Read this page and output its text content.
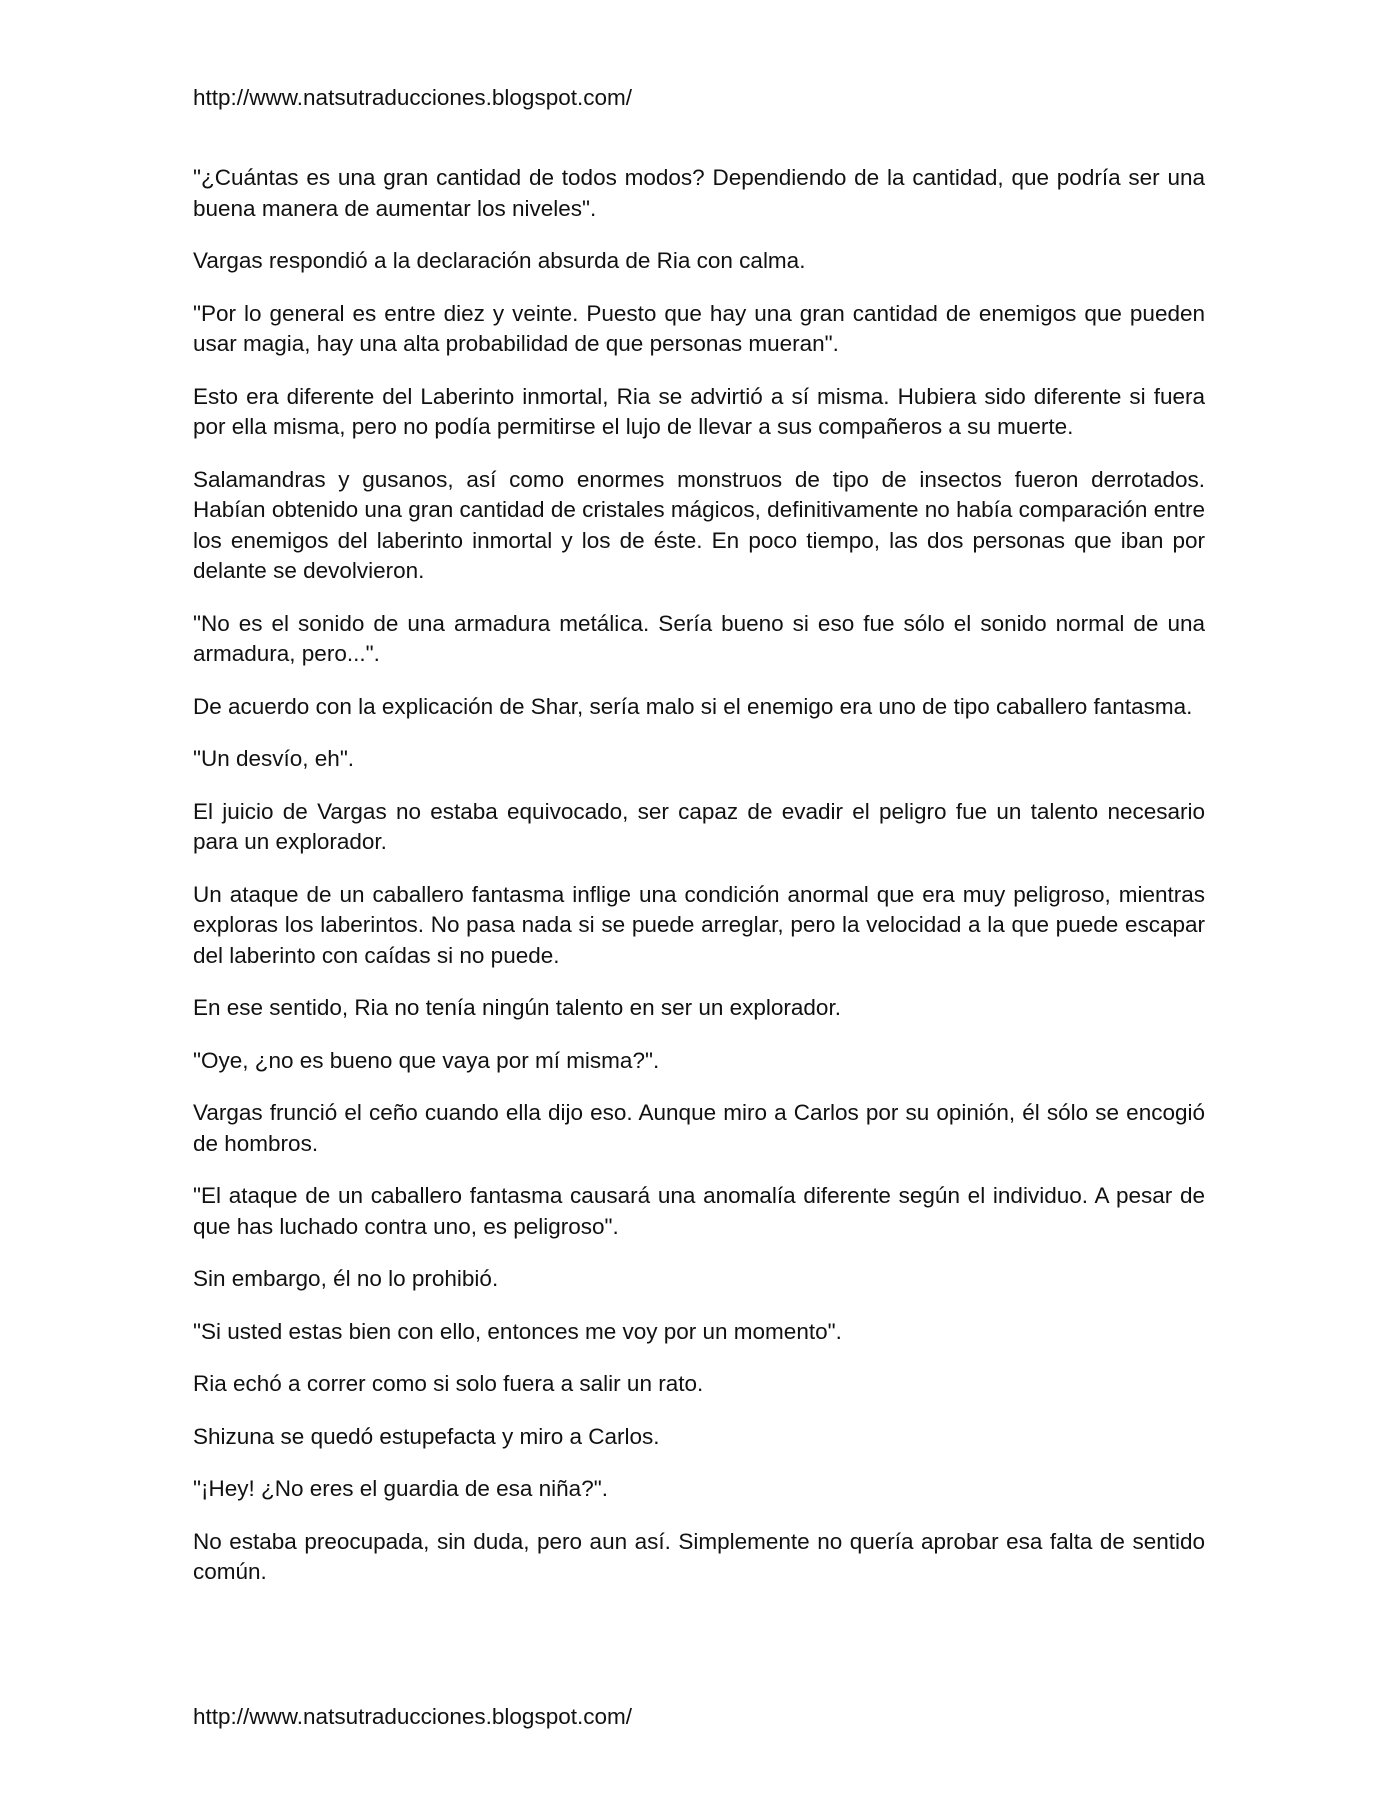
http://www.natsutraducciones.blogspot.com/

"¿Cuántas es una gran cantidad de todos modos? Dependiendo de la cantidad, que podría ser una buena manera de aumentar los niveles".

Vargas respondió a la declaración absurda de Ria con calma.

"Por lo general es entre diez y veinte. Puesto que hay una gran cantidad de enemigos que pueden usar magia, hay una alta probabilidad de que personas mueran".

Esto era diferente del Laberinto inmortal, Ria se advirtió a sí misma. Hubiera sido diferente si fuera por ella misma, pero no podía permitirse el lujo de llevar a sus compañeros a su muerte.

Salamandras y gusanos, así como enormes monstruos de tipo de insectos fueron derrotados. Habían obtenido una gran cantidad de cristales mágicos, definitivamente no había comparación entre los enemigos del laberinto inmortal y los de éste. En poco tiempo, las dos personas que iban por delante se devolvieron.

"No es el sonido de una armadura metálica. Sería bueno si eso fue sólo el sonido normal de una armadura, pero...".

De acuerdo con la explicación de Shar, sería malo si el enemigo era uno de tipo caballero fantasma.

"Un desvío, eh".

El juicio de Vargas no estaba equivocado, ser capaz de evadir el peligro fue un talento necesario para un explorador.

Un ataque de un caballero fantasma inflige una condición anormal que era muy peligroso, mientras exploras los laberintos. No pasa nada si se puede arreglar, pero la velocidad a la que puede escapar del laberinto con caídas si no puede.

En ese sentido, Ria no tenía ningún talento en ser un explorador.

"Oye, ¿no es bueno que vaya por mí misma?".

Vargas frunció el ceño cuando ella dijo eso. Aunque miro a Carlos por su opinión, él sólo se encogió de hombros.

"El ataque de un caballero fantasma causará una anomalía diferente según el individuo. A pesar de que has luchado contra uno, es peligroso".

Sin embargo, él no lo prohibió.

"Si usted estas bien con ello, entonces me voy por un momento".

Ria echó a correr como si solo fuera a salir un rato.

Shizuna se quedó estupefacta y miro a Carlos.

"¡Hey! ¿No eres el guardia de esa niña?".

No estaba preocupada, sin duda, pero aun así. Simplemente no quería aprobar esa falta de sentido común.

http://www.natsutraducciones.blogspot.com/
